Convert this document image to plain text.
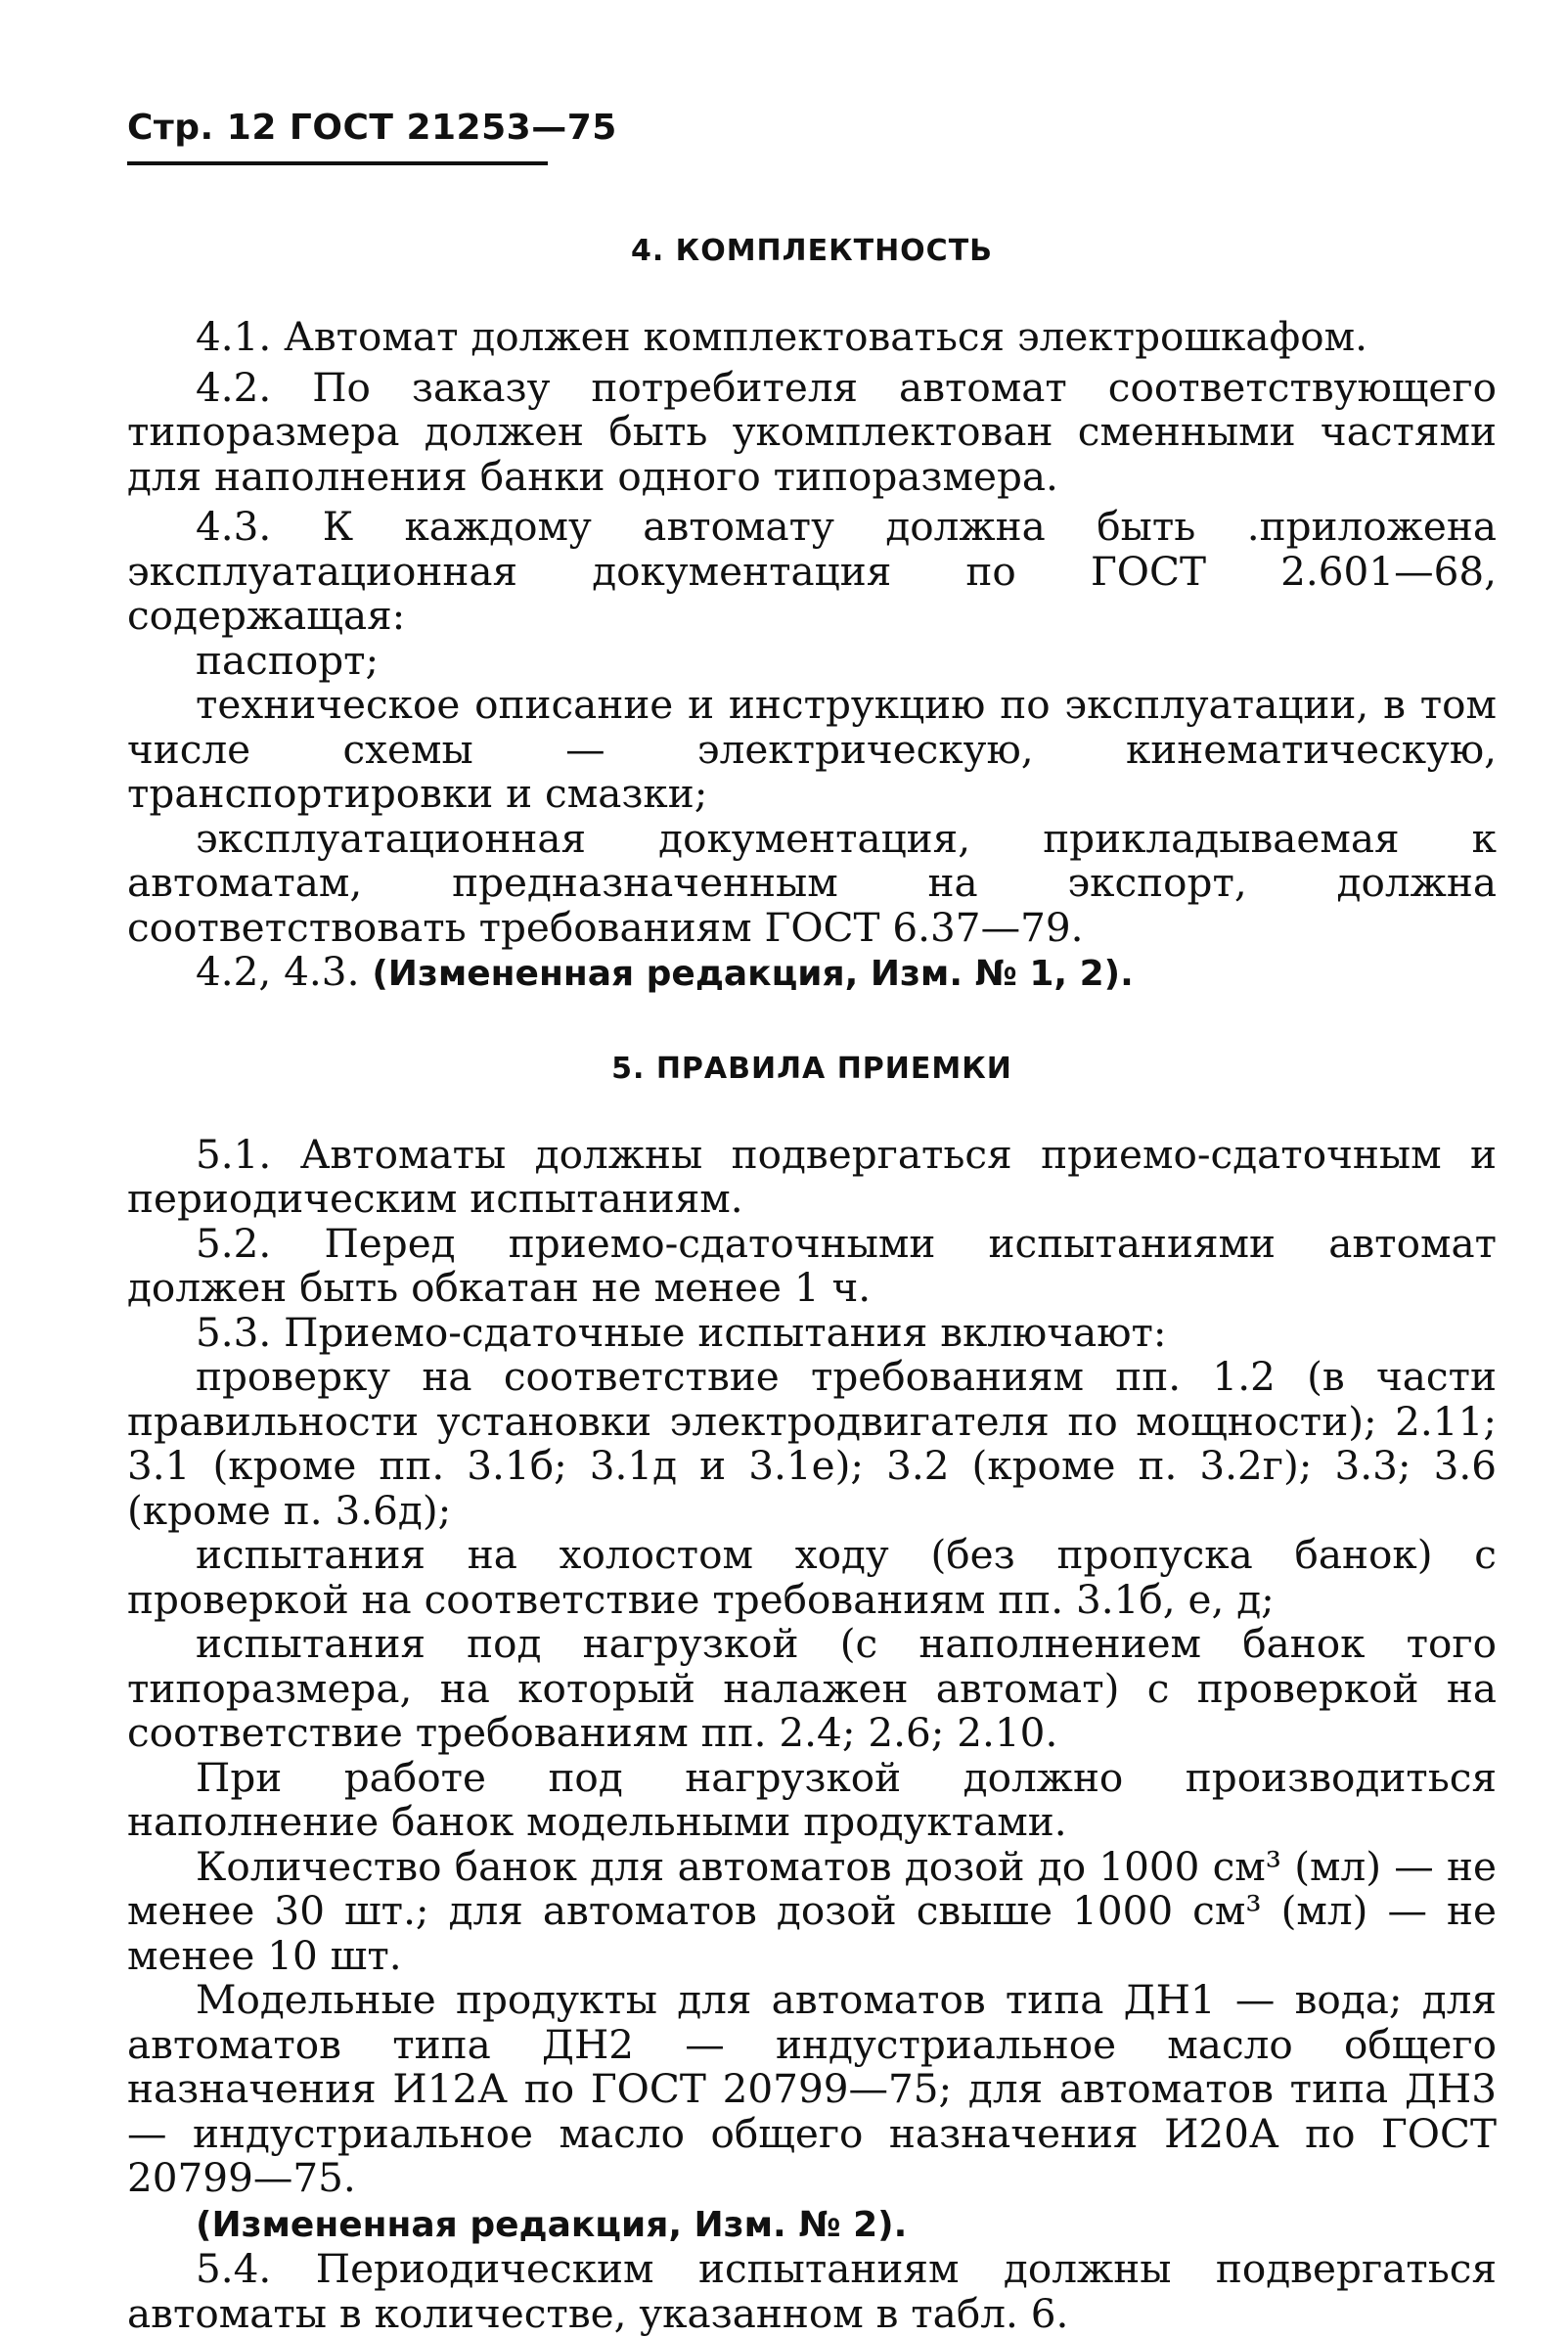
Стр. 12 ГОСТ 21253—75
4. КОМПЛЕКТНОСТЬ

4.1. Автомат должен комплектоваться электрошкафом.

4.2. По заказу потребителя автомат соответствующего типоразмера должен быть укомплектован сменными частями для наполнения банки одного типоразмера.

4.3. К каждому автомату должна быть .приложена эксплуатационная документация по ГОСТ 2.601—68, содержащая:

паспорт;

техническое описание и инструкцию по эксплуатации, в том числе схемы — электрическую, кинематическую, транспортировки и смазки;

эксплуатационная документация, прикладываемая к автоматам, предназначенным на экспорт, должна соответствовать требованиям ГОСТ 6.37—79.

4.2, 4.3. (Измененная редакция, Изм. № 1, 2).

5. ПРАВИЛА ПРИЕМКИ

5.1. Автоматы должны подвергаться приемо-сдаточным и периодическим испытаниям.

5.2. Перед приемо-сдаточными испытаниями автомат должен быть обкатан не менее 1 ч.

5.3. Приемо-сдаточные испытания включают:

проверку на соответствие требованиям пп. 1.2 (в части правильности установки электродвигателя по мощности); 2.11; 3.1 (кроме пп. 3.1б; 3.1д и 3.1е); 3.2 (кроме п. 3.2г); 3.3; 3.6 (кроме п. 3.6д);

испытания на холостом ходу (без пропуска банок) с проверкой на соответствие требованиям пп. 3.1б, е, д;

испытания под нагрузкой (с наполнением банок того типоразмера, на который налажен автомат) с проверкой на соответствие требованиям пп. 2.4; 2.6; 2.10.

При работе под нагрузкой должно производиться наполнение банок модельными продуктами.

Количество банок для автоматов дозой до 1000 см³ (мл) — не менее 30 шт.; для автоматов дозой свыше 1000 см³ (мл) — не менее 10 шт.

Модельные продукты для автоматов типа ДН1 — вода; для автоматов типа ДН2 — индустриальное масло общего назначения И12А по ГОСТ 20799—75; для автоматов типа ДН3 — индустриальное масло общего назначения И20А по ГОСТ 20799—75.

(Измененная редакция, Изм. № 2).

5.4. Периодическим испытаниям должны подвергаться автоматы в количестве, указанном в табл. 6.
